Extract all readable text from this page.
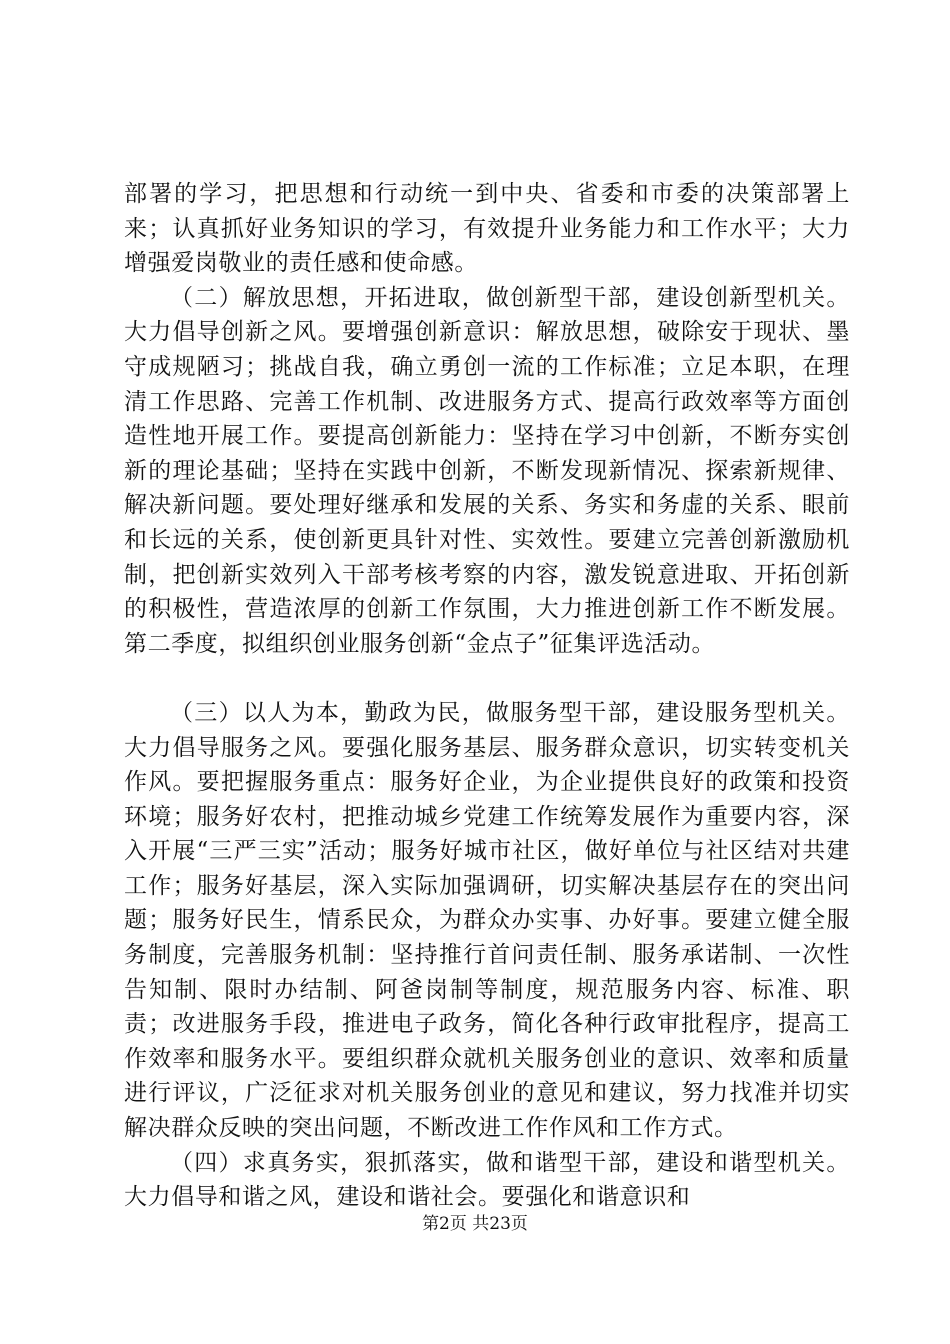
部署的学习，把思想和行动统一到中央、省委和市委的决策部署上来；认真抓好业务知识的学习，有效提升业务能力和工作水平；大力增强爱岗敬业的责任感和使命感。

（二）解放思想，开拓进取，做创新型干部，建设创新型机关。大力倡导创新之风。要增强创新意识：解放思想，破除安于现状、墨守成规陋习；挑战自我，确立勇创一流的工作标准；立足本职，在理清工作思路、完善工作机制、改进服务方式、提高行政效率等方面创造性地开展工作。要提高创新能力：坚持在学习中创新，不断夯实创新的理论基础；坚持在实践中创新，不断发现新情况、探索新规律、解决新问题。要处理好继承和发展的关系、务实和务虚的关系、眼前和长远的关系，使创新更具针对性、实效性。要建立完善创新激励机制，把创新实效列入干部考核考察的内容，激发锐意进取、开拓创新的积极性，营造浓厚的创新工作氛围，大力推进创新工作不断发展。第二季度，拟组织创业服务创新“金点子”征集评选活动。

（三）以人为本，勤政为民，做服务型干部，建设服务型机关。大力倡导服务之风。要强化服务基层、服务群众意识，切实转变机关作风。要把握服务重点：服务好企业，为企业提供良好的政策和投资环境；服务好农村，把推动城乡党建工作统筹发展作为重要内容，深入开展“三严三实”活动；服务好城市社区，做好单位与社区结对共建工作；服务好基层，深入实际加强调研，切实解决基层存在的突出问题；服务好民生，情系民众，为群众办实事、办好事。要建立健全服务制度，完善服务机制：坚持推行首问责任制、服务承诺制、一次性告知制、限时办结制、阿爸岗制等制度，规范服务内容、标准、职责；改进服务手段，推进电子政务，简化各种行政审批程序，提高工作效率和服务水平。要组织群众就机关服务创业的意识、效率和质量进行评议，广泛征求对机关服务创业的意见和建议，努力找准并切实解决群众反映的突出问题，不断改进工作作风和工作方式。

（四）求真务实，狠抓落实，做和谐型干部，建设和谐型机关。大力倡导和谐之风，建设和谐社会。要强化和谐意识和

第2页 共23页
